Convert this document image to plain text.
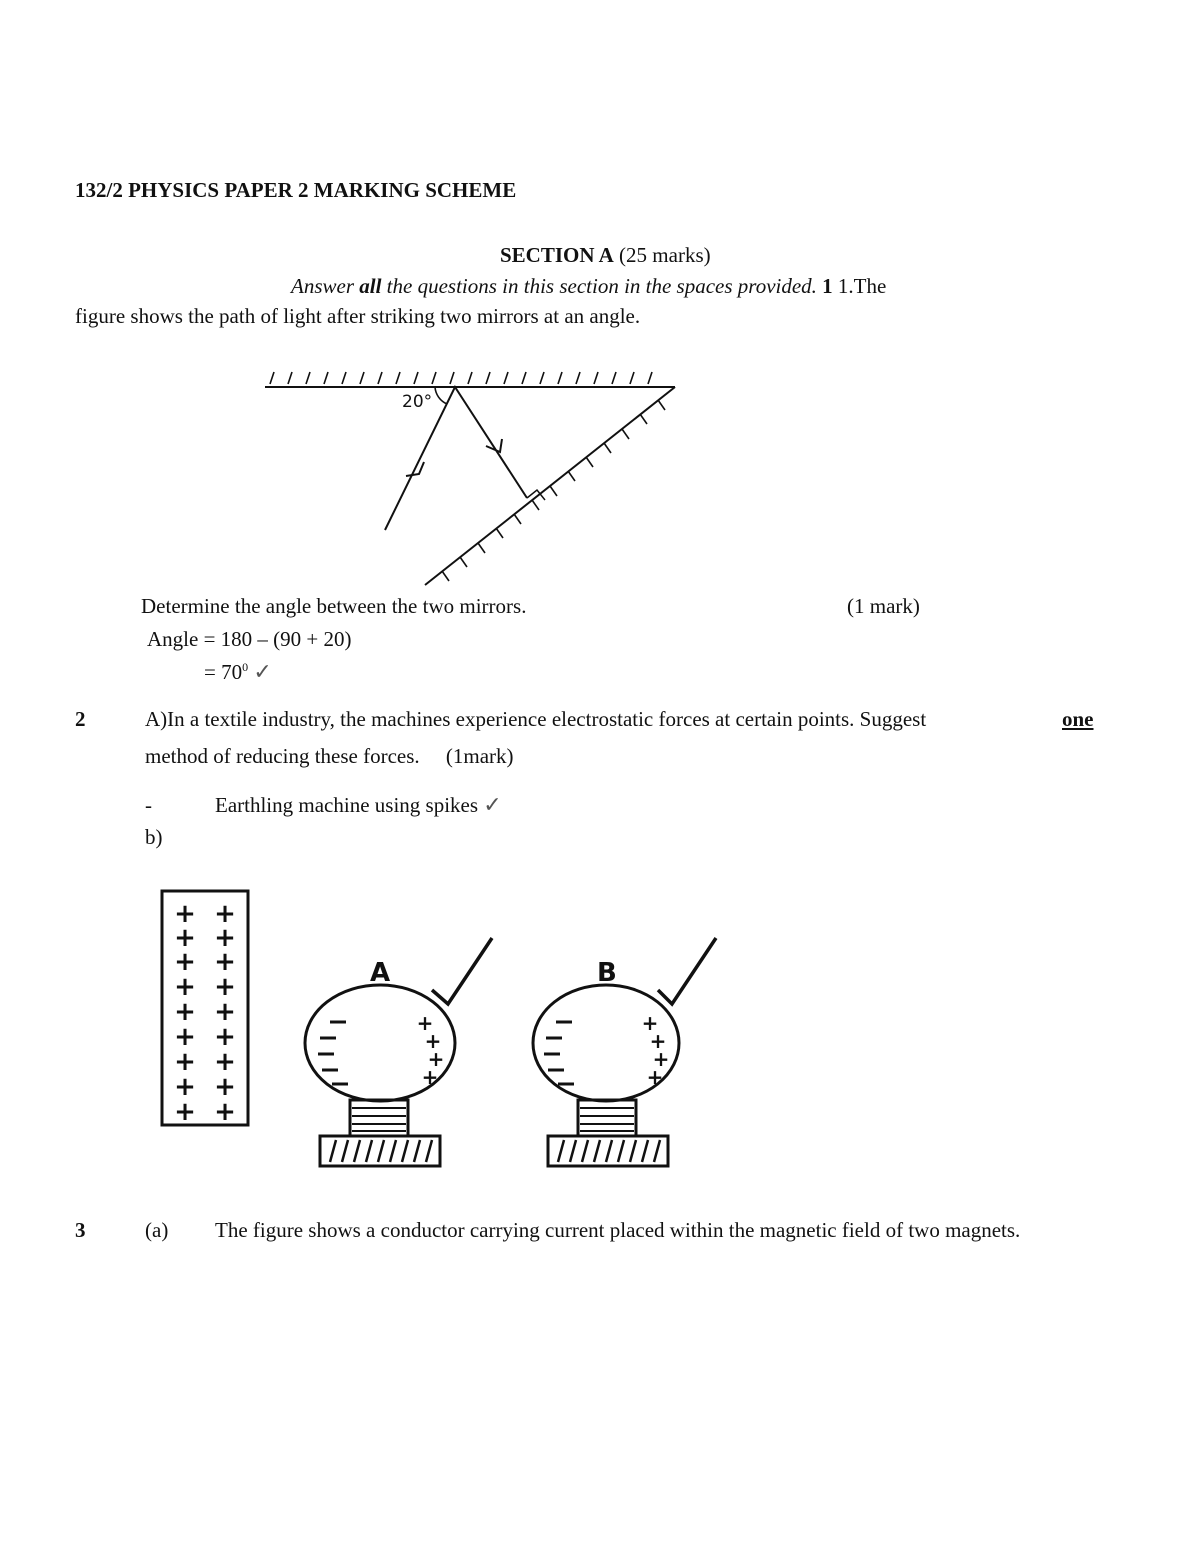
132/2 PHYSICS PAPER 2 MARKING SCHEME
SECTION A (25 marks)
Answer all the questions in this section in the spaces provided. 1 1.The
figure shows the path of light after striking two mirrors at an angle.
20°
Determine the angle between the two mirrors.	(1 mark)
Angle = 180 – (90 + 20)
= $70^0$ ✓
2	A)In a textile industry, the machines experience electrostatic forces at certain points. Suggest	one
method of reducing these forces. (1mark)
-	Earthling machine using spikes ✓
b)
+ +
+ +
+ +
+ +
+ +
+ +
+ +
+ +
+ +
+
+
+
+
+
+
+
+
A	B
3	(a) The figure shows a conductor carrying current placed within the magnetic field of two magnets.
